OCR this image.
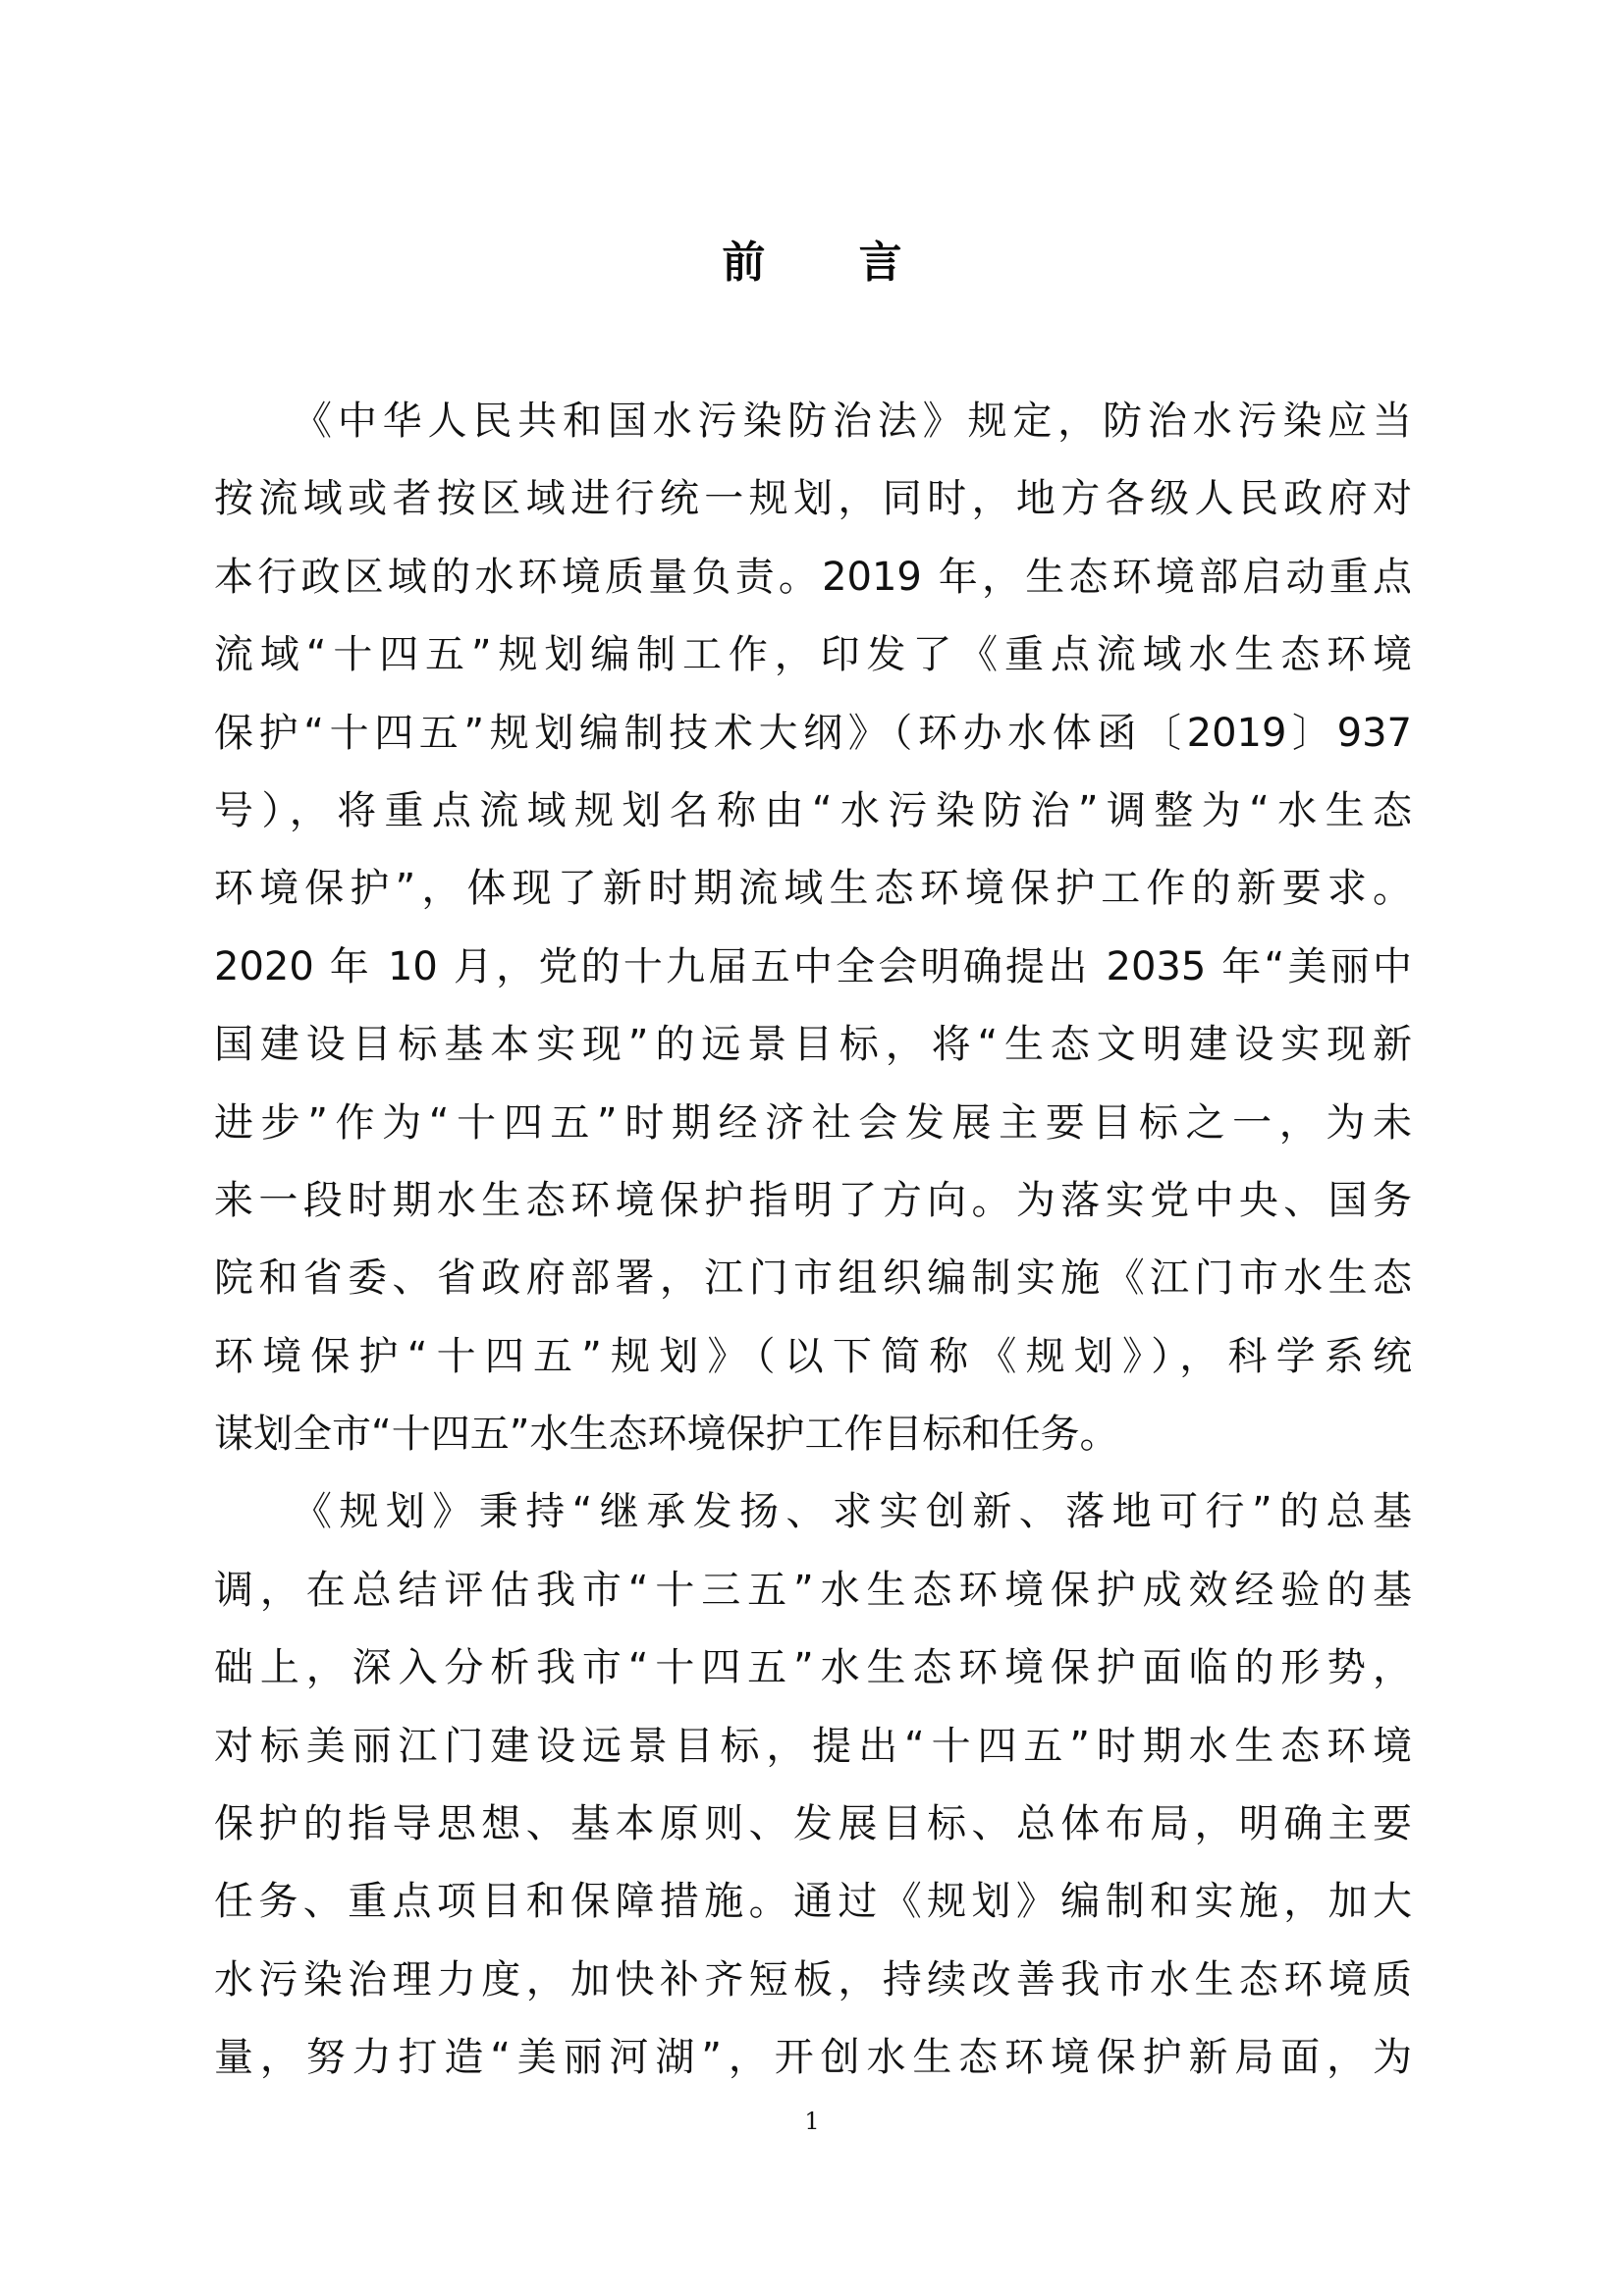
前 言
《中华人民共和国水污染防治法》规定，防治水污染应当
按流域或者按区域进行统一规划，同时，地方各级人民政府对
本行政区域的水环境质量负责。2019 年，生态环境部启动重点
流域“十四五”规划编制工作，印发了《重点流域水生态环境
保护“十四五”规划编制技术大纲》（环办水体函〔2019〕937
号），将重点流域规划名称由“水污染防治”调整为“水生态
环境保护”，体现了新时期流域生态环境保护工作的新要求。
2020 年 10 月，党的十九届五中全会明确提出 2035 年“美丽中
国建设目标基本实现”的远景目标，将“生态文明建设实现新
进步”作为“十四五”时期经济社会发展主要目标之一，为未
来一段时期水生态环境保护指明了方向。为落实党中央、国务
院和省委、省政府部署，江门市组织编制实施《江门市水生态
环境保护“十四五”规划》（以下简称《规划》），科学系统
谋划全市“十四五”水生态环境保护工作目标和任务。
《规划》秉持“继承发扬、求实创新、落地可行”的总基
调，在总结评估我市“十三五”水生态环境保护成效经验的基
础上，深入分析我市“十四五”水生态环境保护面临的形势，
对标美丽江门建设远景目标，提出“十四五”时期水生态环境
保护的指导思想、基本原则、发展目标、总体布局，明确主要
任务、重点项目和保障措施。通过《规划》编制和实施，加大
水污染治理力度，加快补齐短板，持续改善我市水生态环境质
量，努力打造“美丽河湖”，开创水生态环境保护新局面，为
1
